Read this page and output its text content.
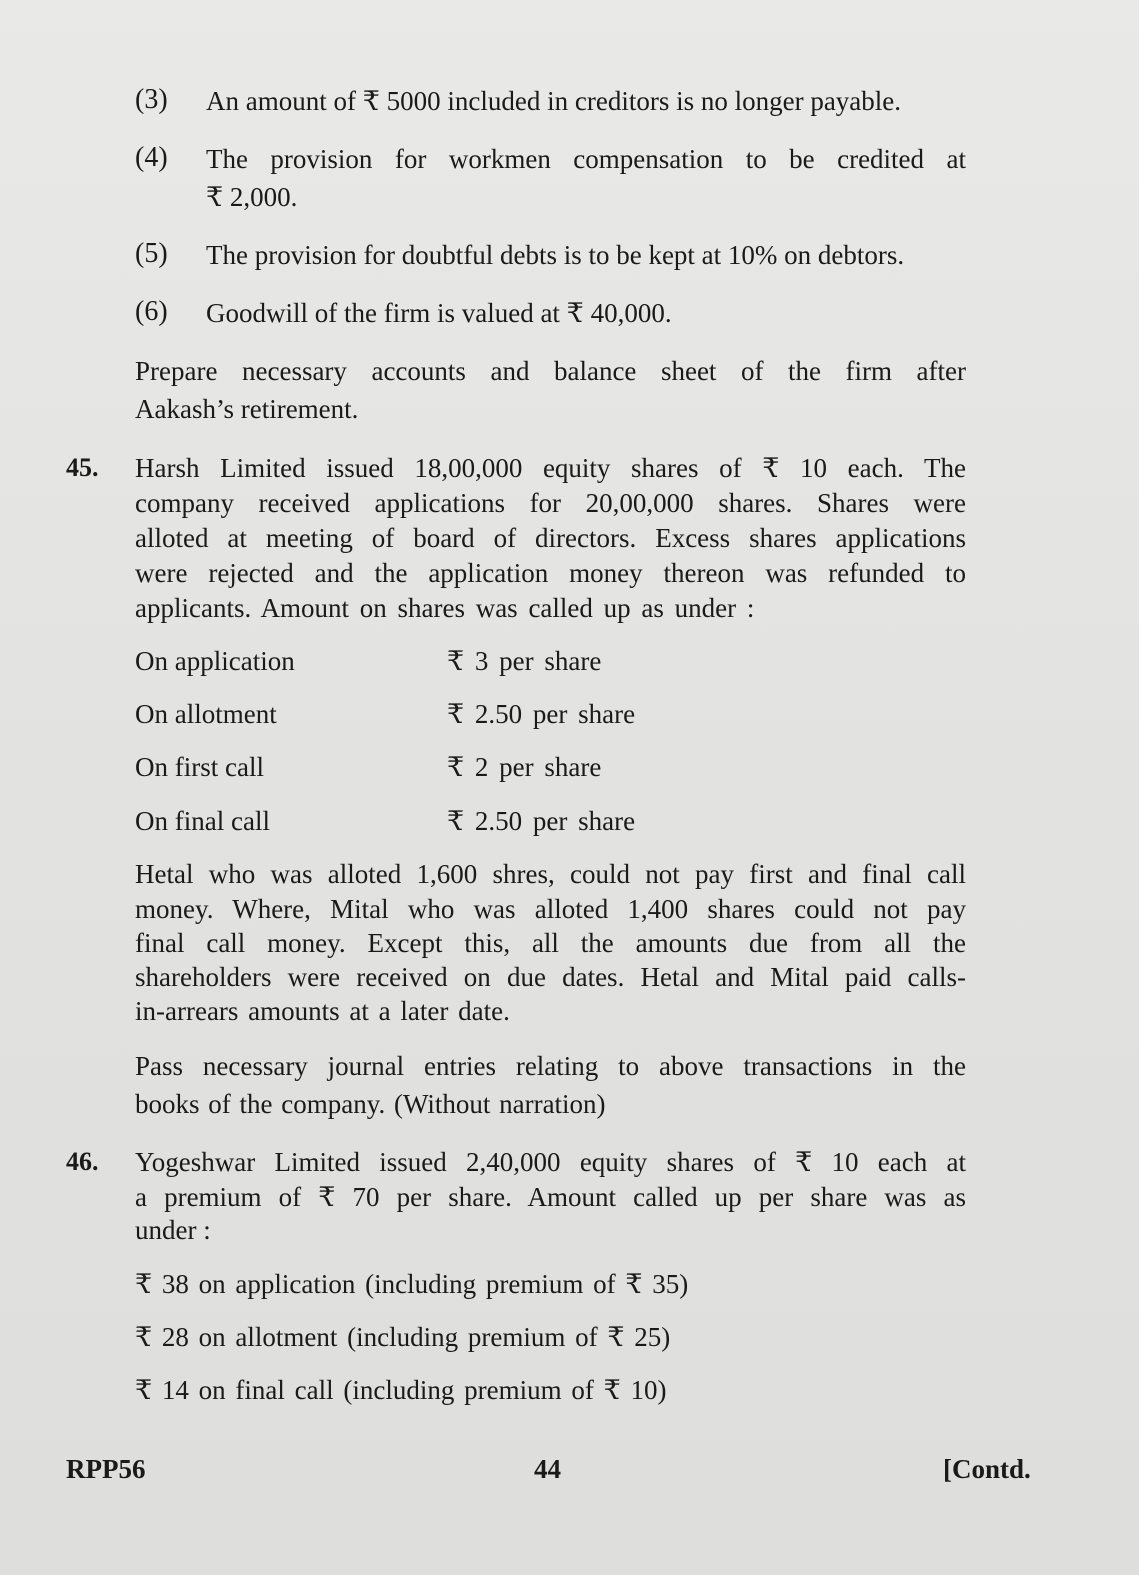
(3) An amount of ₹ 5000 included in creditors is no longer payable.
(4) The provision for workmen compensation to be credited at
₹ 2,000.
(5) The provision for doubtful debts is to be kept at 10% on debtors.
(6) Goodwill of the firm is valued at ₹ 40,000.
Prepare necessary accounts and balance sheet of the firm after
Aakash’s retirement.
45. Harsh Limited issued 18,00,000 equity shares of ₹ 10 each. The
company received applications for 20,00,000 shares. Shares were
alloted at meeting of board of directors. Excess shares applications
were rejected and the application money thereon was refunded to
applicants. Amount on shares was called up as under :
On application	₹ 3 per share
On allotment	₹ 2.50 per share
On first call	₹ 2 per share
On final call	₹ 2.50 per share
Hetal who was alloted 1,600 shres, could not pay first and final call
money. Where, Mital who was alloted 1,400 shares could not pay
final call money. Except this, all the amounts due from all the
shareholders were received on due dates. Hetal and Mital paid calls-
in-arrears amounts at a later date.
Pass necessary journal entries relating to above transactions in the
books of the company. (Without narration)
46. Yogeshwar Limited issued 2,40,000 equity shares of ₹ 10 each at
a premium of ₹ 70 per share. Amount called up per share was as
under :
₹ 38 on application (including premium of ₹ 35)
₹ 28 on allotment (including premium of ₹ 25)
₹ 14 on final call (including premium of ₹ 10)
RPP56	44	[Contd.
